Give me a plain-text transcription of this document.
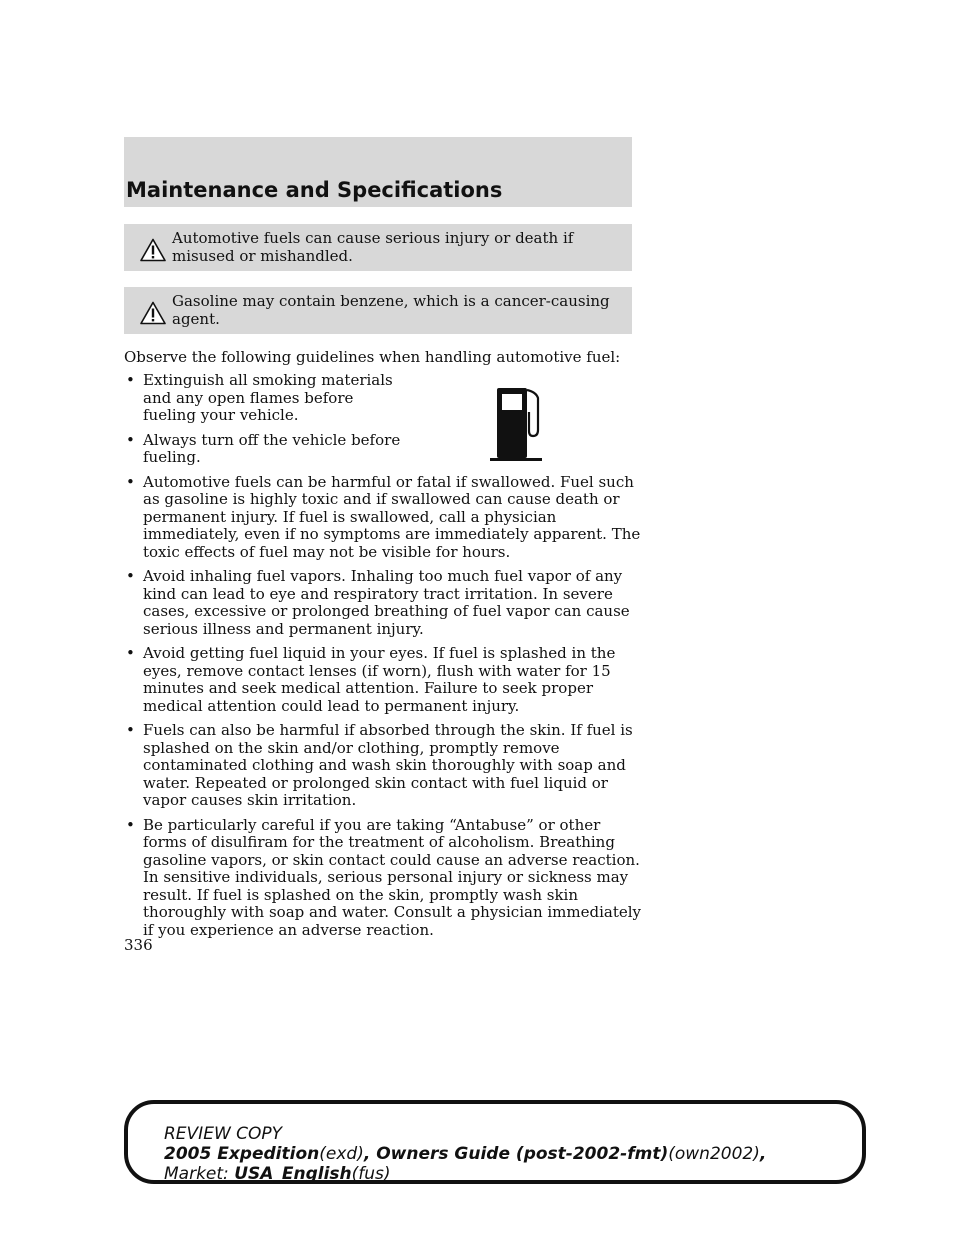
Maintenance and Specifications
Automotive fuels can cause serious injury or death if misused or mishandled.
Gasoline may contain benzene, which is a cancer-causing agent.
Observe the following guidelines when handling automotive fuel:
• Extinguish all smoking materials and any open flames before fueling your vehicle.
• Always turn off the vehicle before fueling.
• Automotive fuels can be harmful or fatal if swallowed. Fuel such as gasoline is highly toxic and if swallowed can cause death or permanent injury. If fuel is swallowed, call a physician immediately, even if no symptoms are immediately apparent. The toxic effects of fuel may not be visible for hours.
• Avoid inhaling fuel vapors. Inhaling too much fuel vapor of any kind can lead to eye and respiratory tract irritation. In severe cases, excessive or prolonged breathing of fuel vapor can cause serious illness and permanent injury.
• Avoid getting fuel liquid in your eyes. If fuel is splashed in the eyes, remove contact lenses (if worn), flush with water for 15 minutes and seek medical attention. Failure to seek proper medical attention could lead to permanent injury.
• Fuels can also be harmful if absorbed through the skin. If fuel is splashed on the skin and/or clothing, promptly remove contaminated clothing and wash skin thoroughly with soap and water. Repeated or prolonged skin contact with fuel liquid or vapor causes skin irritation.
• Be particularly careful if you are taking “Antabuse” or other forms of disulfiram for the treatment of alcoholism. Breathing gasoline vapors, or skin contact could cause an adverse reaction. In sensitive individuals, serious personal injury or sickness may result. If fuel is splashed on the skin, promptly wash skin thoroughly with soap and water. Consult a physician immediately if you experience an adverse reaction.
336
REVIEW COPY
2005 Expedition(exd), Owners Guide (post-2002-fmt)(own2002),
Market: USA_English(fus)
